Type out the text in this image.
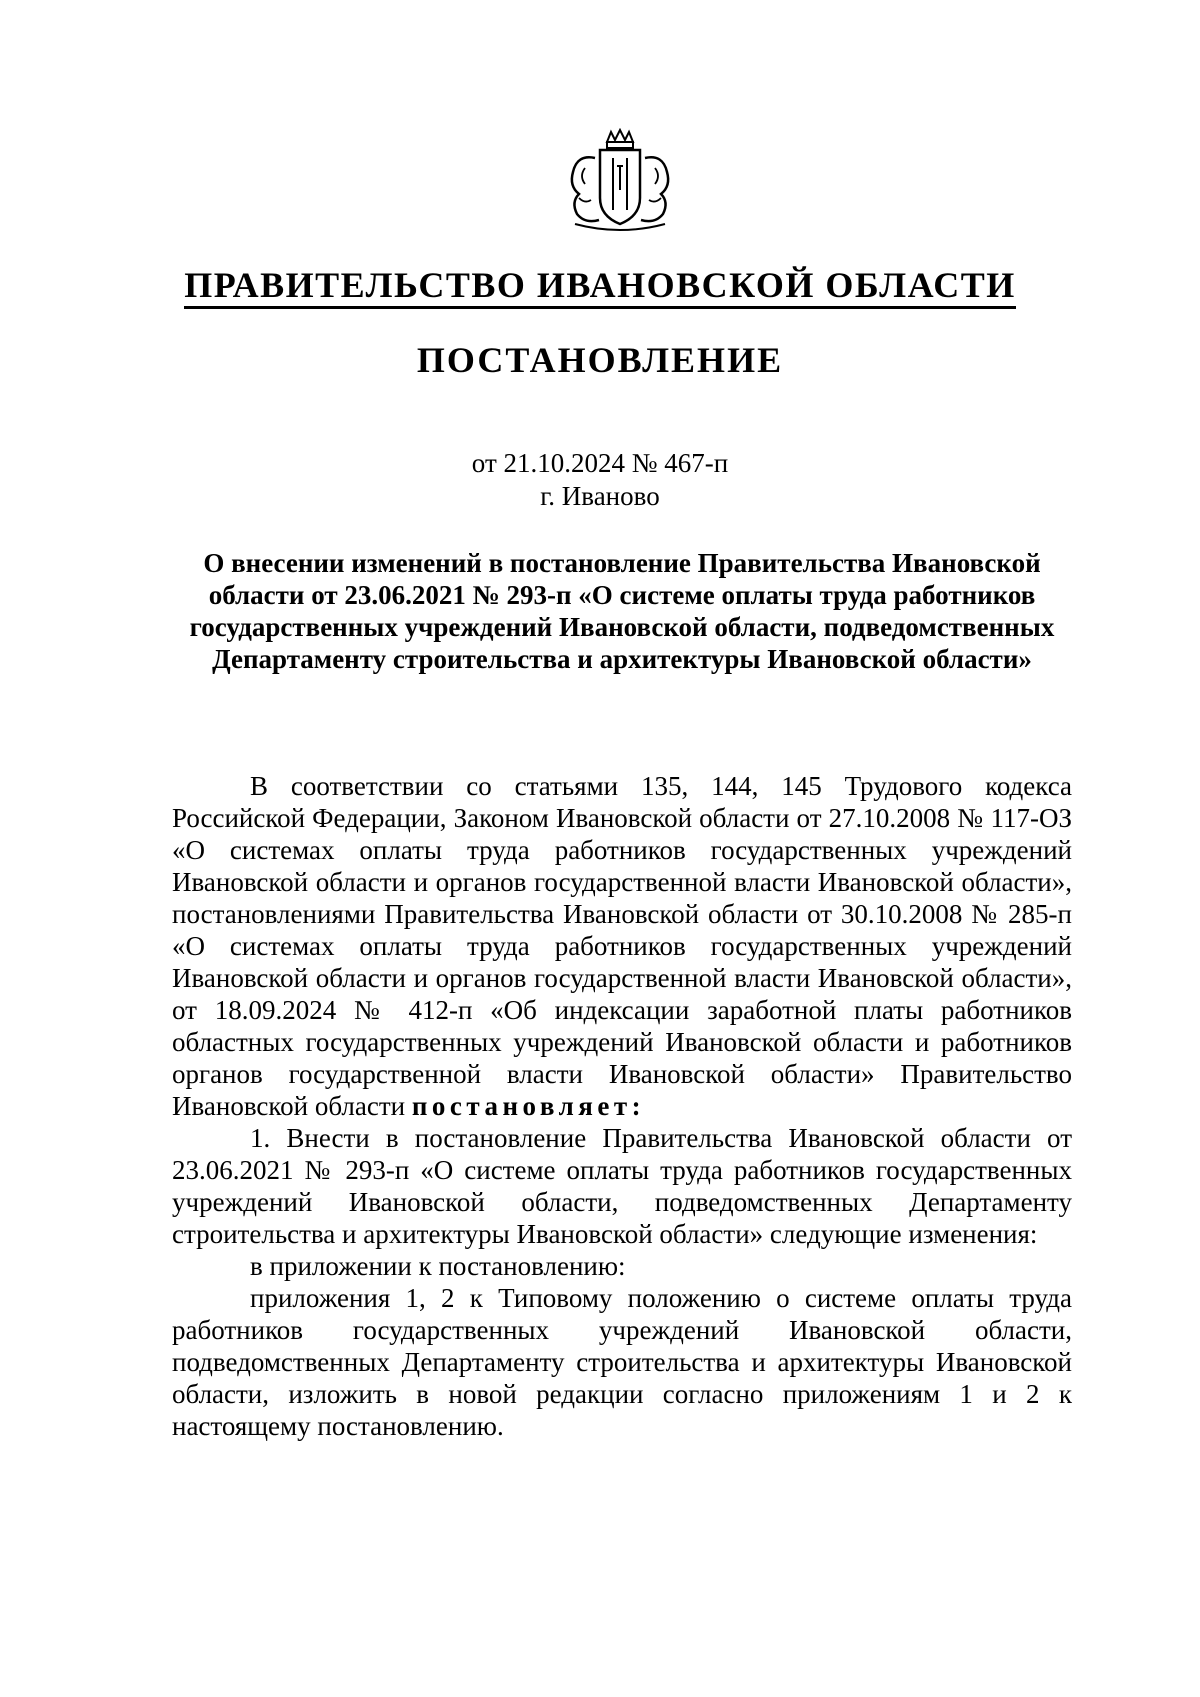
ПРАВИТЕЛЬСТВО ИВАНОВСКОЙ ОБЛАСТИ
ПОСТАНОВЛЕНИЕ
от 21.10.2024 № 467-п
г. Иваново
О внесении изменений в постановление Правительства Ивановской области от 23.06.2021 № 293-п «О системе оплаты труда работников государственных учреждений Ивановской области, подведомственных Департаменту строительства и архитектуры Ивановской области»

В соответствии со статьями 135, 144, 145 Трудового кодекса Российской Федерации, Законом Ивановской области от 27.10.2008 № 117-ОЗ «О системах оплаты труда работников государственных учреждений Ивановской области и органов государственной власти Ивановской области», постановлениями Правительства Ивановской области от 30.10.2008 № 285-п «О системах оплаты труда работников государственных учреждений Ивановской области и органов государственной власти Ивановской области», от 18.09.2024 № 412-п «Об индексации заработной платы работников областных государственных учреждений Ивановской области и работников органов государственной власти Ивановской области» Правительство Ивановской области постановляет:

1. Внести в постановление Правительства Ивановской области от 23.06.2021 № 293-п «О системе оплаты труда работников государственных учреждений Ивановской области, подведомственных Департаменту строительства и архитектуры Ивановской области» следующие изменения:

в приложении к постановлению:

приложения 1, 2 к Типовому положению о системе оплаты труда работников государственных учреждений Ивановской области, подведомственных Департаменту строительства и архитектуры Ивановской области, изложить в новой редакции согласно приложениям 1 и 2 к настоящему постановлению.
